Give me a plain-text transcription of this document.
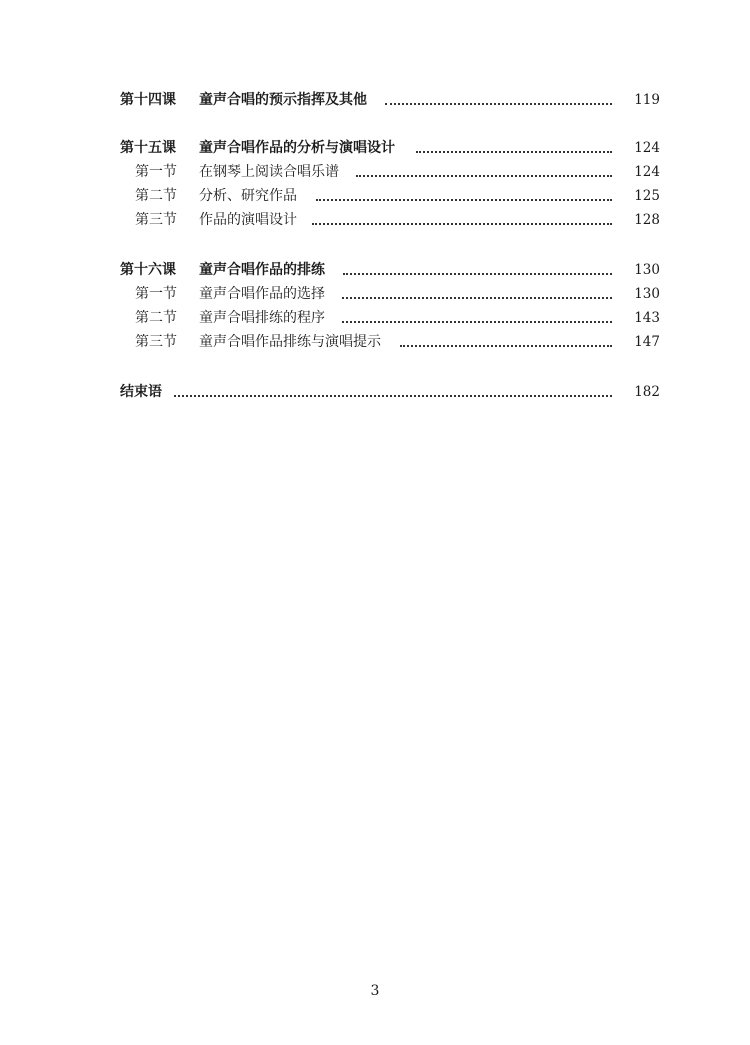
第十四课 童声合唱的预示指挥及其他	119
第十五课 童声合唱作品的分析与演唱设计	124
第一节 在钢琴上阅读合唱乐谱	124
第二节 分析、研究作品	125
第三节 作品的演唱设计	128
第十六课 童声合唱作品的排练	130
第一节 童声合唱作品的选择	130
第二节 童声合唱排练的程序	143
第三节 童声合唱作品排练与演唱提示	147
结束语	182
3
